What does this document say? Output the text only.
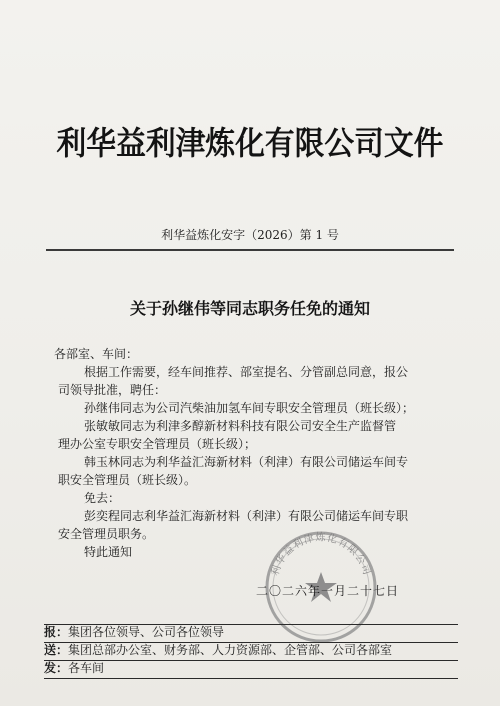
利华益利津炼化有限公司文件
利华益炼化安字（2026）第 1 号
关于孙继伟等同志职务任免的通知
各部室、车间：
根据工作需要，经车间推荐、部室提名、分管副总同意，报公
司领导批准，聘任：
孙继伟同志为公司汽柴油加氢车间专职安全管理员（班长级）；
张敏敏同志为利津多醇新材料科技有限公司安全生产监督管
理办公室专职安全管理员（班长级）；
韩玉林同志为利华益汇海新材料（利津）有限公司储运车间专
职安全管理员（班长级）。
免去：
彭奕程同志利华益汇海新材料（利津）有限公司储运车间专职
安全管理员职务。
特此通知
利华益利津炼化有限公司
二〇二六年一月二十七日
报：集团各位领导、公司各位领导
送：集团总部办公室、财务部、人力资源部、企管部、公司各部室
发：各车间
